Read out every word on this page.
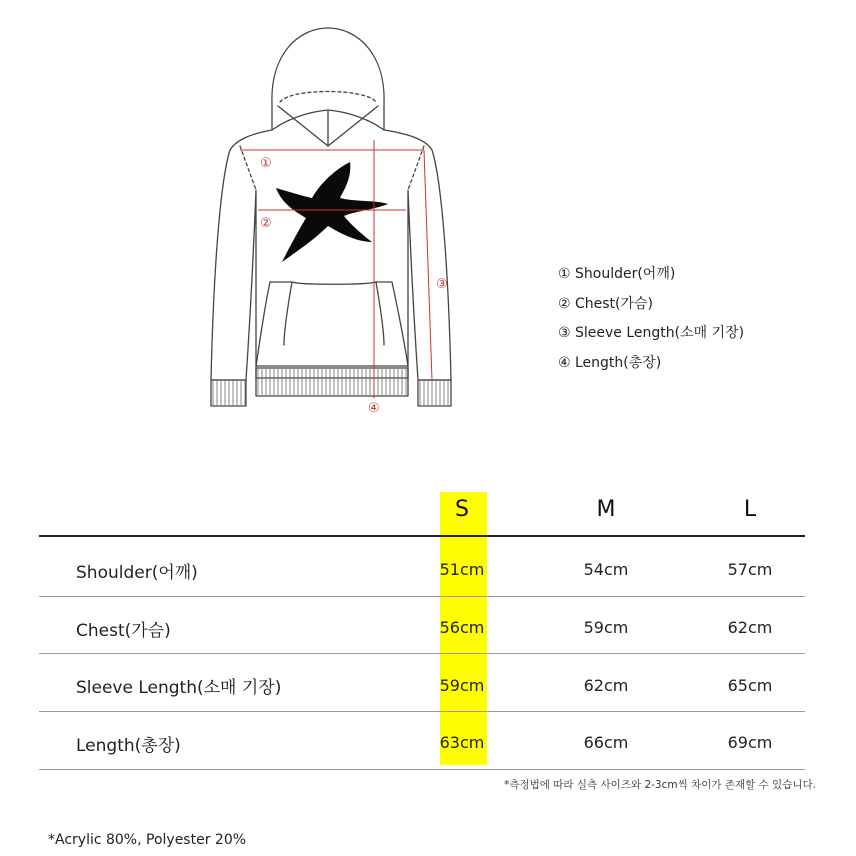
①
②
③
④
① Shoulder(어깨)
② Chest(가슴)
③ Sleeve Length(소매 기장)
④ Length(총장)
S	M	L
Shoulder(어깨)	51cm	54cm	57cm
Chest(가슴)	56cm	59cm	62cm
Sleeve Length(소매 기장)	59cm	62cm	65cm
Length(총장)	63cm	66cm	69cm
*측정법에 따라 실측 사이즈와 2-3cm씩 차이가 존재할 수 있습니다.
*Acrylic 80%, Polyester 20%
